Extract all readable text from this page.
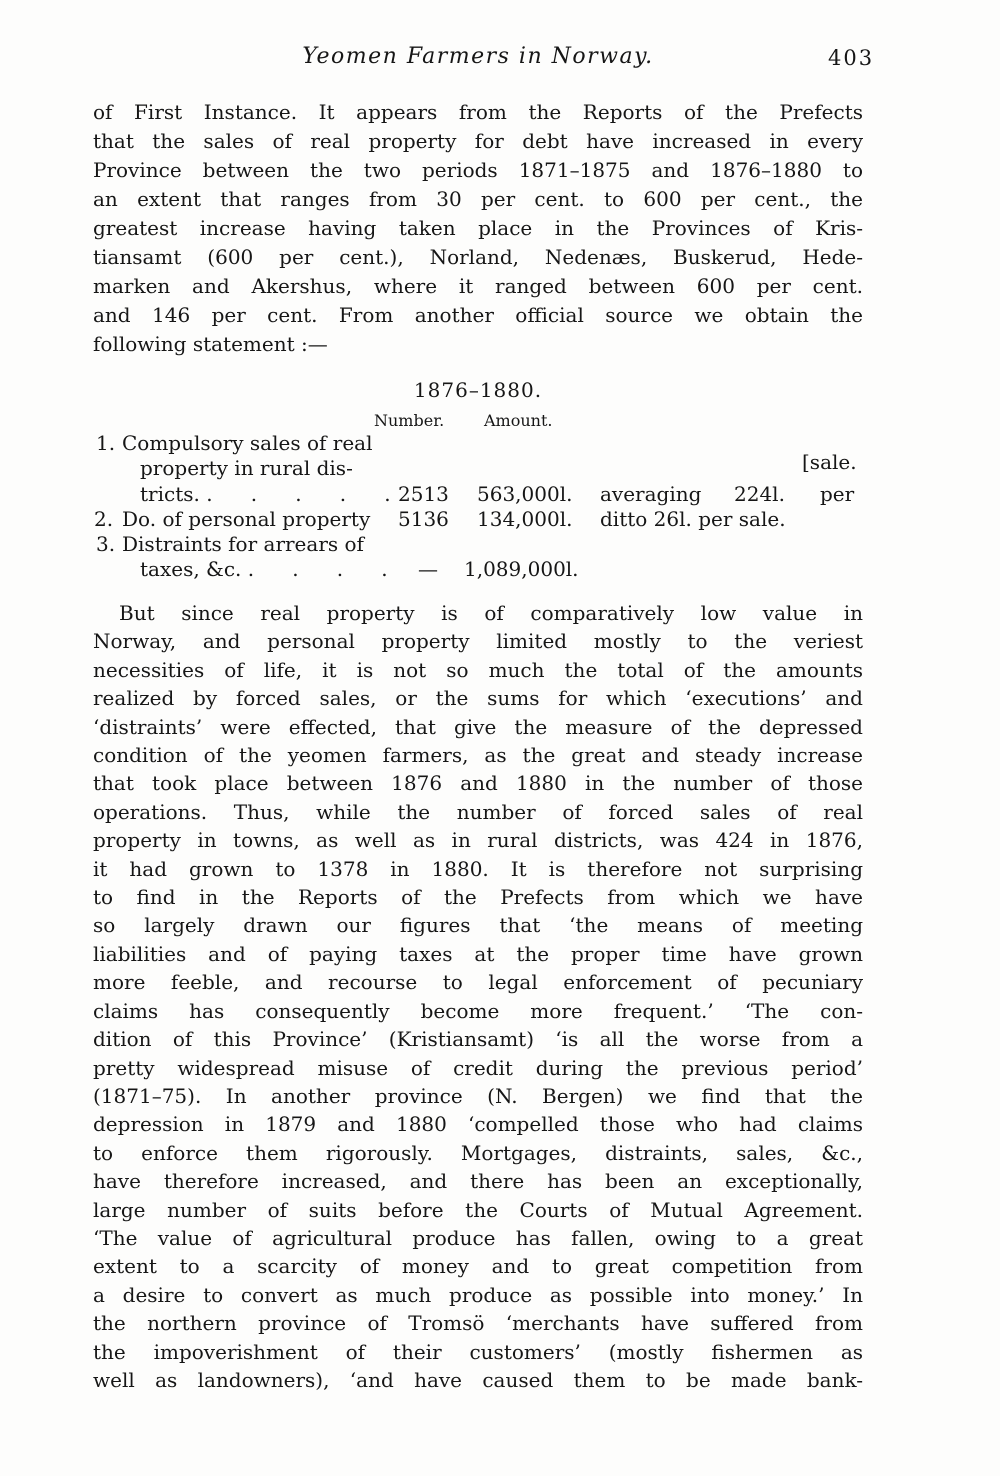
Yeomen Farmers in Norway.	403
of First Instance. It appears from the Reports of the Prefects
that the sales of real property for debt have increased in every
Province between the two periods 1871–1875 and 1876–1880 to
an extent that ranges from 30 per cent. to 600 per cent., the
greatest increase having taken place in the Provinces of Kris-
tiansamt (600 per cent.), Norland, Nedenæs, Buskerud, Hede-
marken and Akershus, where it ranged between 600 per cent.
and 146 per cent. From another official source we obtain the
following statement :—
1876–1880.
Number. Amount.
1. Compulsory sales of real
property in rural dis-	[sale.
tricts. .      .      .      .      . 2513 563,000l. averaging 224l. per
2. Do. of personal property 5136 134,000l. ditto 26l. per sale.
3. Distraints for arrears of
taxes, &c. .      .      .      . — 1,089,000l.
But since real property is of comparatively low value in
Norway, and personal property limited mostly to the veriest
necessities of life, it is not so much the total of the amounts
realized by forced sales, or the sums for which ‘executions’ and
‘distraints’ were effected, that give the measure of the depressed
condition of the yeomen farmers, as the great and steady increase
that took place between 1876 and 1880 in the number of those
operations. Thus, while the number of forced sales of real
property in towns, as well as in rural districts, was 424 in 1876,
it had grown to 1378 in 1880. It is therefore not surprising
to find in the Reports of the Prefects from which we have
so largely drawn our figures that ‘the means of meeting
liabilities and of paying taxes at the proper time have grown
more feeble, and recourse to legal enforcement of pecuniary
claims has consequently become more frequent.’ ‘The con-
dition of this Province’ (Kristiansamt) ‘is all the worse from a
pretty widespread misuse of credit during the previous period’
(1871–75). In another province (N. Bergen) we find that the
depression in 1879 and 1880 ‘compelled those who had claims
to enforce them rigorously. Mortgages, distraints, sales, &c.,
have therefore increased, and there has been an exceptionally,
large number of suits before the Courts of Mutual Agreement.
‘The value of agricultural produce has fallen, owing to a great
extent to a scarcity of money and to great competition from
a desire to convert as much produce as possible into money.’ In
the northern province of Tromsö ‘merchants have suffered from
the impoverishment of their customers’ (mostly fishermen as
well as landowners), ‘and have caused them to be made bank-
